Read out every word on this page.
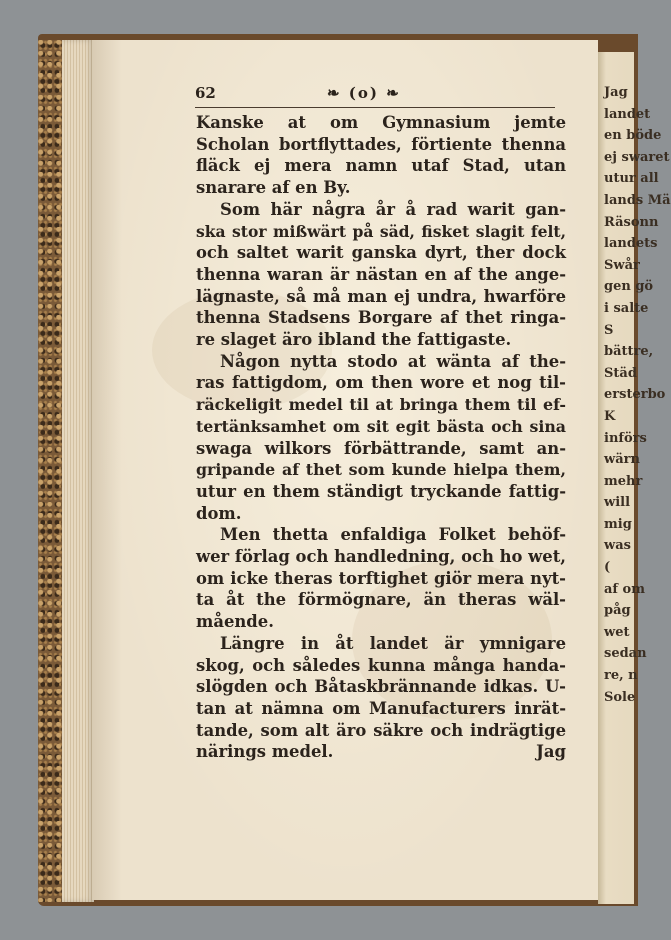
Jag
landet
en böde
ej swaret
utur all
lands Mä
Räsonn
landets
Swår
gen gö
i salte
S
bättre,
Städ
ersterbo
K
införs
wärn
mehr
will
mig
was
(
af om
påg
wet
sedan
re, n
Sole
62	❧ (o) ❧
Kanske at om Gymnasium jemte
Scholan bortflyttades, förtiente thenna
fläck ej mera namn utaf Stad, utan
snarare af en By.
Som här några år å rad warit gan-
ska stor mißwärt på säd, fisket slagit felt,
och saltet warit ganska dyrt, ther dock
thenna waran är nästan en af the ange-
lägnaste, så må man ej undra, hwarföre
thenna Stadsens Borgare af thet ringa-
re slaget äro ibland the fattigaste.
Någon nytta stodo at wänta af the-
ras fattigdom, om then wore et nog til-
räckeligit medel til at bringa them til ef-
tertänksamhet om sit egit bästa och sina
swaga wilkors förbättrande, samt an-
gripande af thet som kunde hielpa them,
utur en them ständigt tryckande fattig-
dom.
Men thetta enfaldiga Folket behöf-
wer förlag och handledning, och ho wet,
om icke theras torftighet giör mera nyt-
ta åt the förmögnare, än theras wäl-
mående.
Längre in åt landet är ymnigare
skog, och således kunna många handa-
slögden och Båtaskbrännande idkas. U-
tan at nämna om Manufacturers inrät-
tande, som alt äro säkre och indrägtige
närings medel.	Jag
